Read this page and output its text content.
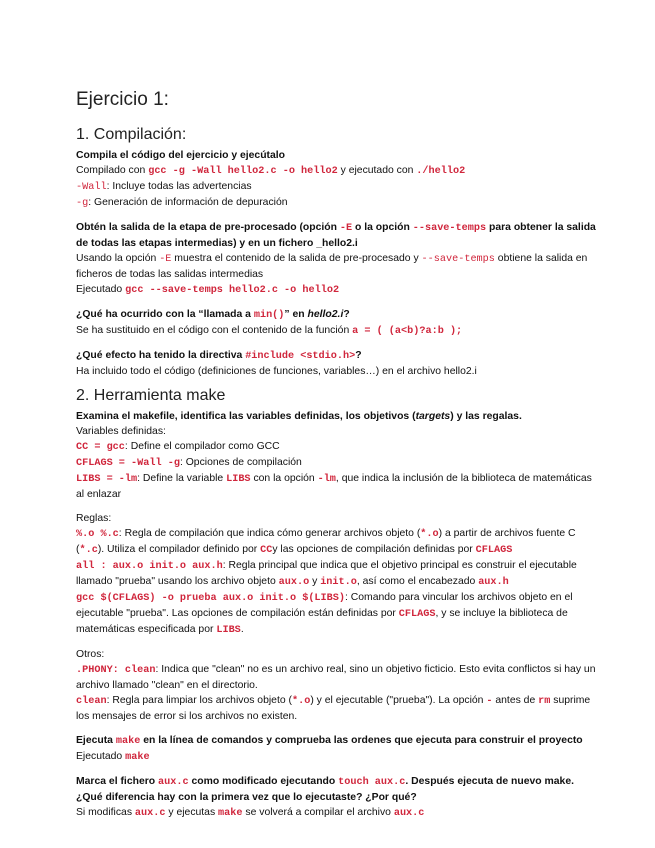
Ejercicio 1:
1. Compilación:

Compila el código del ejercicio y ejecútalo

Compilado con gcc -g -Wall hello2.c -o hello2 y ejecutado con ./hello2

-Wall: Incluye todas las advertencias

-g: Generación de información de depuración

Obtén la salida de la etapa de pre-procesado (opción -E o la opción --save-temps para obtener la salida de todas las etapas intermedias) y en un fichero _hello2.i

Usando la opción -E muestra el contenido de la salida de pre-procesado y --save-temps obtiene la salida en ficheros de todas las salidas intermedias

Ejecutado gcc --save-temps hello2.c -o hello2

¿Qué ha ocurrido con la “llamada a min()” en hello2.i?

Se ha sustituido en el código con el contenido de la función a = ( (a<b)?a:b );

¿Qué efecto ha tenido la directiva #include <stdio.h>?

Ha incluido todo el código (definiciones de funciones, variables…) en el archivo hello2.i

2. Herramienta make

Examina el makefile, identifica las variables definidas, los objetivos (targets) y las regalas.

Variables definidas:

CC = gcc: Define el compilador como GCC

CFLAGS = -Wall -g: Opciones de compilación

LIBS = -lm: Define la variable LIBS con la opción -lm, que indica la inclusión de la biblioteca de matemáticas al enlazar

Reglas:

%.o %.c: Regla de compilación que indica cómo generar archivos objeto (*.o) a partir de archivos fuente C (*.c). Utiliza el compilador definido por CCy las opciones de compilación definidas por CFLAGS

all : aux.o init.o aux.h: Regla principal que indica que el objetivo principal es construir el ejecutable llamado "prueba" usando los archivo objeto aux.o y init.o, así como el encabezado aux.h

gcc $(CFLAGS) -o prueba aux.o init.o $(LIBS): Comando para vincular los archivos objeto en el ejecutable "prueba". Las opciones de compilación están definidas por CFLAGS, y se incluye la biblioteca de matemáticas especificada por LIBS.

Otros:

.PHONY: clean: Indica que "clean" no es un archivo real, sino un objetivo ficticio. Esto evita conflictos si hay un archivo llamado "clean" en el directorio.

clean: Regla para limpiar los archivos objeto (*.o) y el ejecutable ("prueba"). La opción - antes de rm suprime los mensajes de error si los archivos no existen.

Ejecuta make en la línea de comandos y comprueba las ordenes que ejecuta para construir el proyecto

Ejecutado make

Marca el fichero aux.c como modificado ejecutando touch aux.c. Después ejecuta de nuevo make.

¿Qué diferencia hay con la primera vez que lo ejecutaste? ¿Por qué?

Si modificas aux.c y ejecutas make se volverá a compilar el archivo aux.c
